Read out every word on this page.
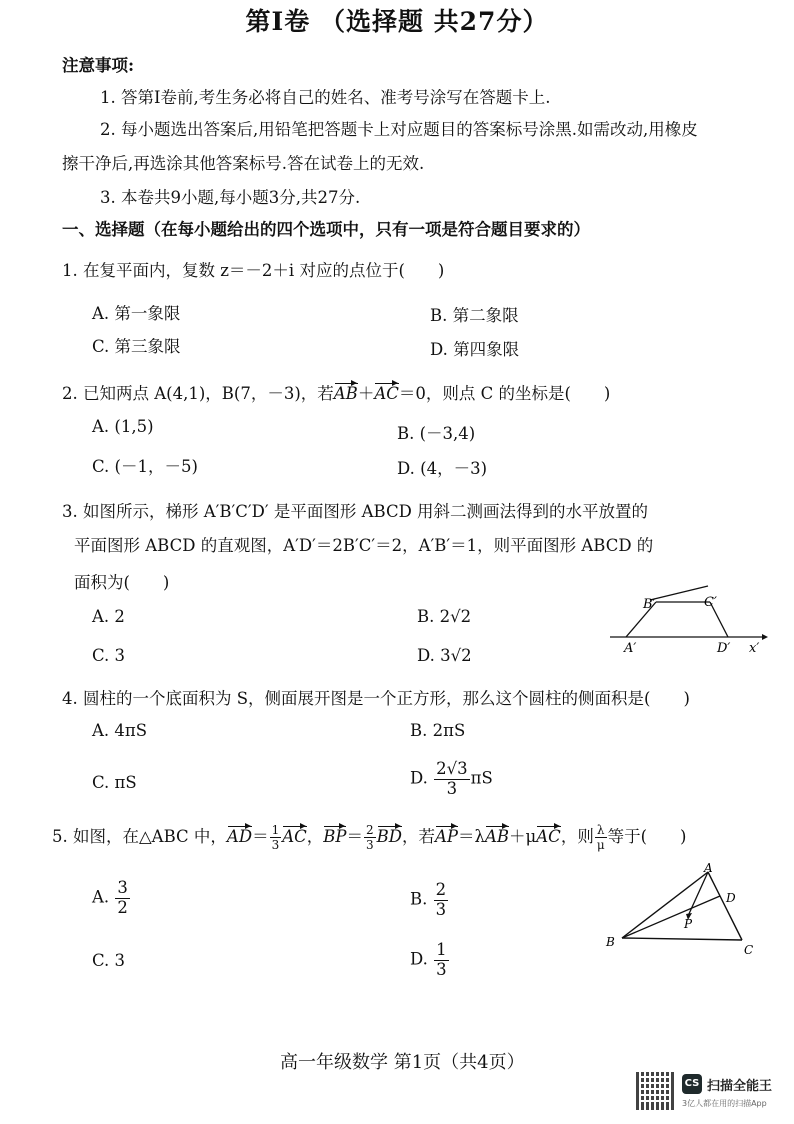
第Ⅰ卷 （选择题 共27分）
注意事项:
1. 答第Ⅰ卷前,考生务必将自己的姓名、准考号涂写在答题卡上.
2. 每小题选出答案后,用铅笔把答题卡上对应题目的答案标号涂黑.如需改动,用橡皮
擦干净后,再选涂其他答案标号.答在试卷上的无效.
3. 本卷共9小题,每小题3分,共27分.
一、选择题（在每小题给出的四个选项中，只有一项是符合题目要求的）
1. 在复平面内，复数 z＝－2＋i 对应的点位于(　　)
A. 第一象限	B. 第二象限
C. 第三象限	D. 第四象限
2. 已知两点 A(4,1)，B(7，－3)，若AB＋AC＝0，则点 C 的坐标是(　　)
A. (1,5)	B. (－3,4)
C. (－1，－5)	D. (4，－3)
3. 如图所示，梯形 A′B′C′D′ 是平面图形 ABCD 用斜二测画法得到的水平放置的
平面图形 ABCD 的直观图，A′D′＝2B′C′＝2，A′B′＝1，则平面图形 ABCD 的
面积为(　　)
A. 2	B. 2√2
C. 3	D. 3√2
B′	C′
A′	D′ x′
4. 圆柱的一个底面积为 S，侧面展开图是一个正方形，那么这个圆柱的侧面积是(　　)
A. 4πS	B. 2πS
C. πS	D. $\frac{2√3}{3}$ πS
5. 如图，在△ABC 中，$AD= \frac{1}{3}$ AC，$BP= \frac{2}{3}$ BD，若AP＝λAB＋μAC，则 $\frac{\lambda}{\mu}$ 等于(　　)
A. $\frac{3}{2}$	B. $\frac{2}{3}$
C. 3	D. $\frac{1}{3}$
A
B
C
D
P
高一年级数学 第1页（共4页）
CS 扫描全能王
3亿人都在用的扫描App
